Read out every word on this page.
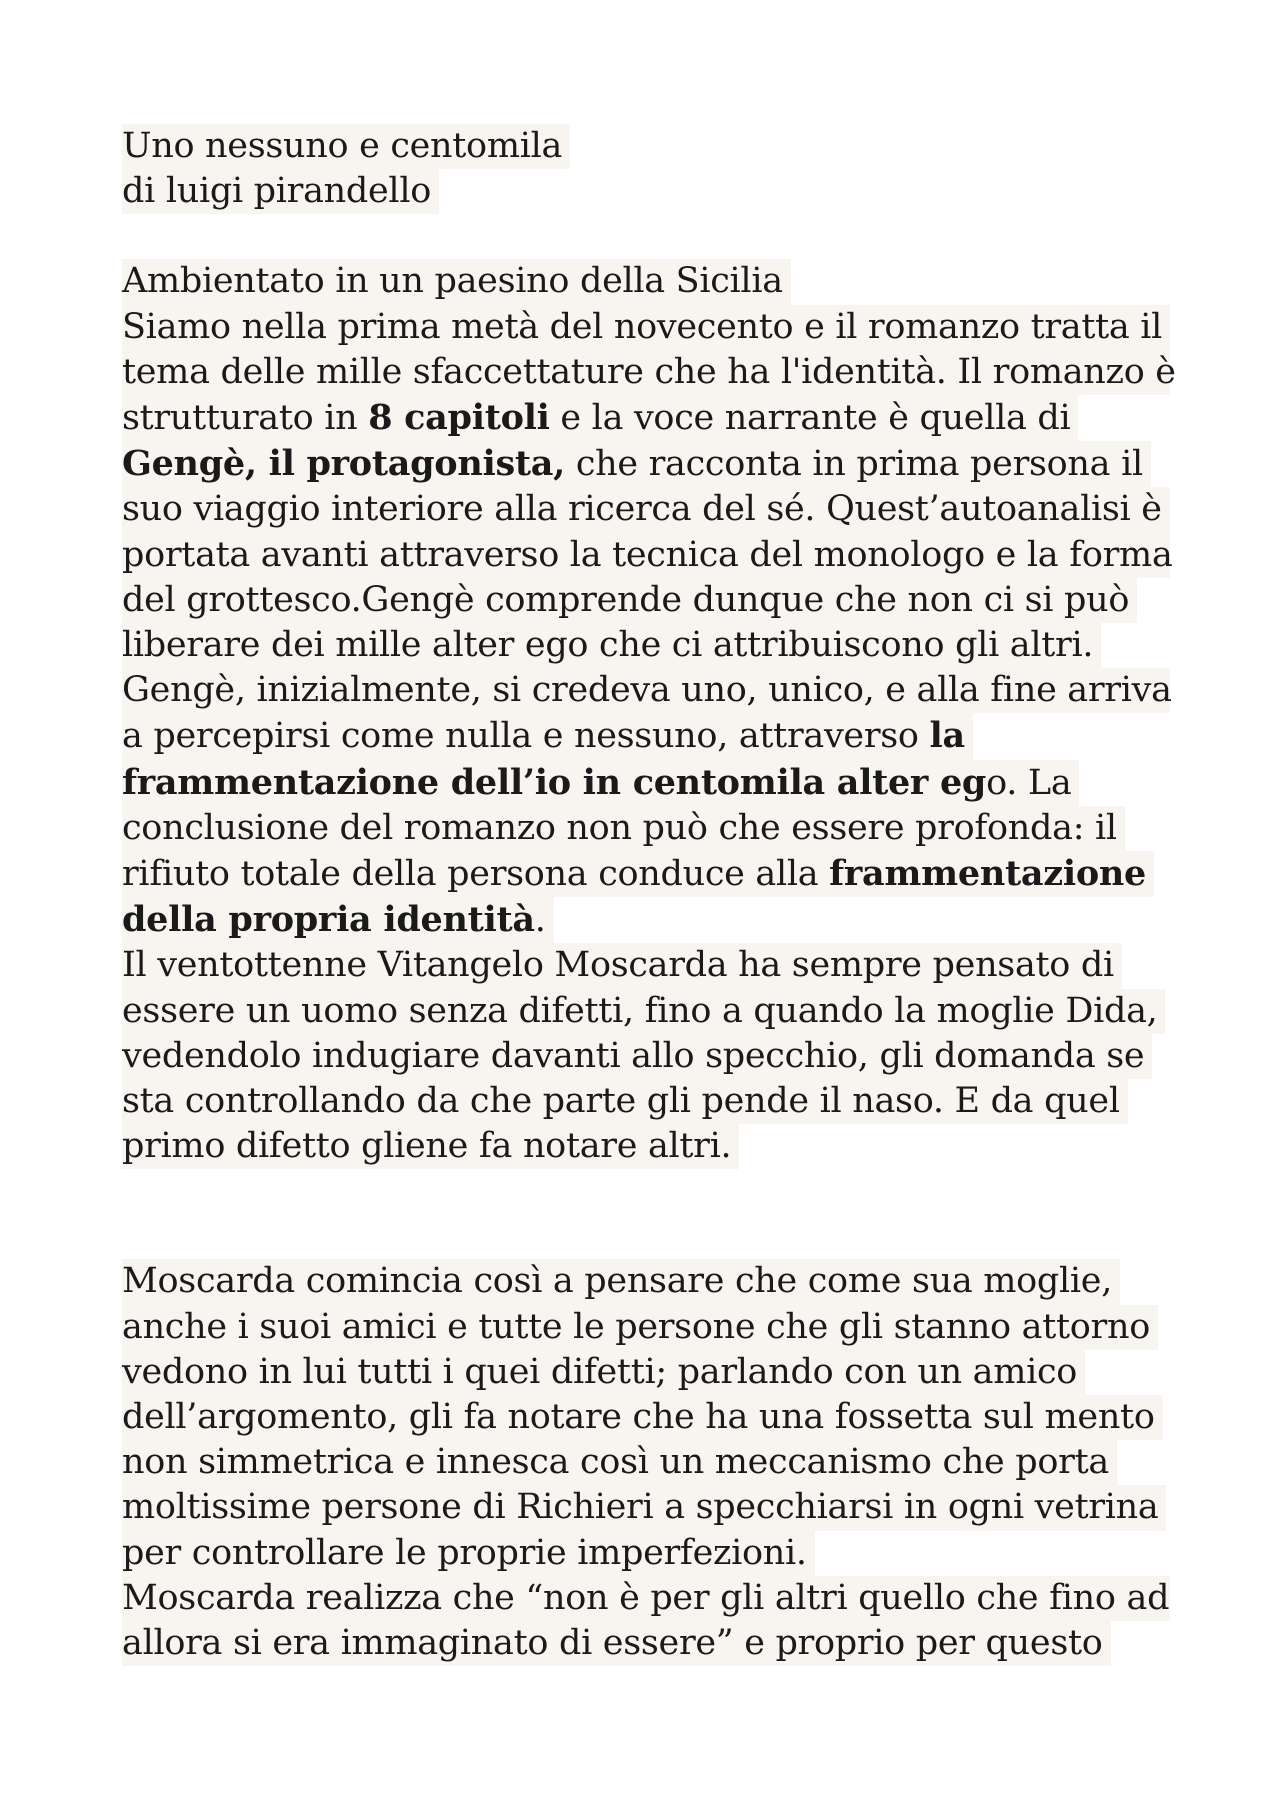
Uno nessuno e centomila
di luigi pirandello
Ambientato in un paesino della Sicilia
Siamo nella prima metà del novecento e il romanzo tratta il
tema delle mille sfaccettature che ha l'identità. Il romanzo è
strutturato in 8 capitoli e la voce narrante è quella di
Gengè, il protagonista, che racconta in prima persona il
suo viaggio interiore alla ricerca del sé. Quest’autoanalisi è
portata avanti attraverso la tecnica del monologo e la forma
del grottesco.Gengè comprende dunque che non ci si può
liberare dei mille alter ego che ci attribuiscono gli altri.
Gengè, inizialmente, si credeva uno, unico, e alla fine arriva
a percepirsi come nulla e nessuno, attraverso la
frammentazione dell’io in centomila alter ego. La
conclusione del romanzo non può che essere profonda: il
rifiuto totale della persona conduce alla frammentazione
della propria identità.
Il ventottenne Vitangelo Moscarda ha sempre pensato di
essere un uomo senza difetti, fino a quando la moglie Dida,
vedendolo indugiare davanti allo specchio, gli domanda se
sta controllando da che parte gli pende il naso. E da quel
primo difetto gliene fa notare altri.
Moscarda comincia così a pensare che come sua moglie,
anche i suoi amici e tutte le persone che gli stanno attorno
vedono in lui tutti i quei difetti; parlando con un amico
dell’argomento, gli fa notare che ha una fossetta sul mento
non simmetrica e innesca così un meccanismo che porta
moltissime persone di Richieri a specchiarsi in ogni vetrina
per controllare le proprie imperfezioni.
Moscarda realizza che “non è per gli altri quello che fino ad
allora si era immaginato di essere” e proprio per questo
